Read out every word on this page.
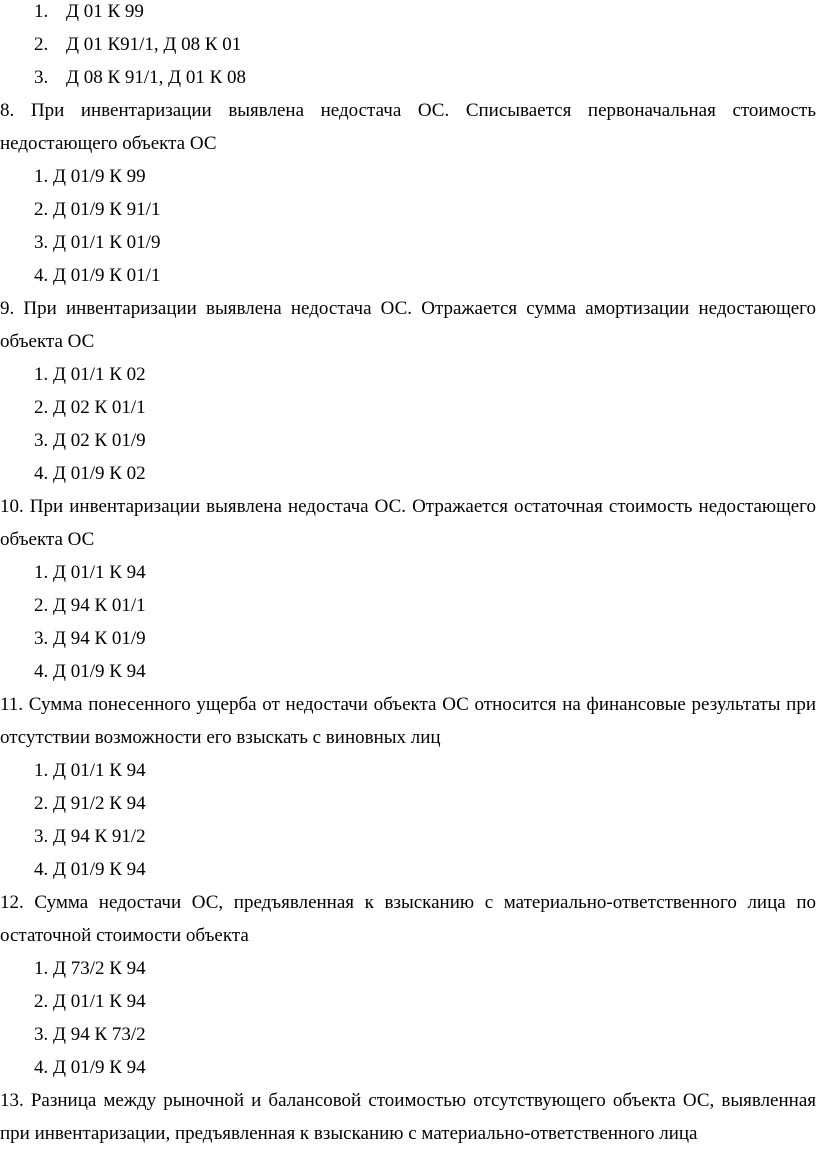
1. Д 01 К 99
2. Д 01 К91/1, Д 08 К 01
3. Д 08 К 91/1, Д 01 К 08
8. При инвентаризации выявлена недостача ОС. Списывается первоначальная стоимость
недостающего объекта ОС
1. Д 01/9 К 99
2. Д 01/9 К 91/1
3. Д 01/1 К 01/9
4. Д 01/9 К 01/1
9. При инвентаризации выявлена недостача ОС. Отражается сумма амортизации недостающего
объекта ОС
1. Д 01/1 К 02
2. Д 02 К 01/1
3. Д 02 К 01/9
4. Д 01/9 К 02
10. При инвентаризации выявлена недостача ОС. Отражается остаточная стоимость недостающего
объекта ОС
1. Д 01/1 К 94
2. Д 94 К 01/1
3. Д 94 К 01/9
4. Д 01/9 К 94
11. Сумма понесенного ущерба от недостачи объекта ОС относится на финансовые результаты при
отсутствии возможности его взыскать с виновных лиц
1. Д 01/1 К 94
2. Д 91/2 К 94
3. Д 94 К 91/2
4. Д 01/9 К 94
12. Сумма недостачи ОС, предъявленная к взысканию с материально-ответственного лица по
остаточной стоимости объекта
1. Д 73/2 К 94
2. Д 01/1 К 94
3. Д 94 К 73/2
4. Д 01/9 К 94
13. Разница между рыночной и балансовой стоимостью отсутствующего объекта ОС, выявленная
при инвентаризации, предъявленная к взысканию с материально-ответственного лица
